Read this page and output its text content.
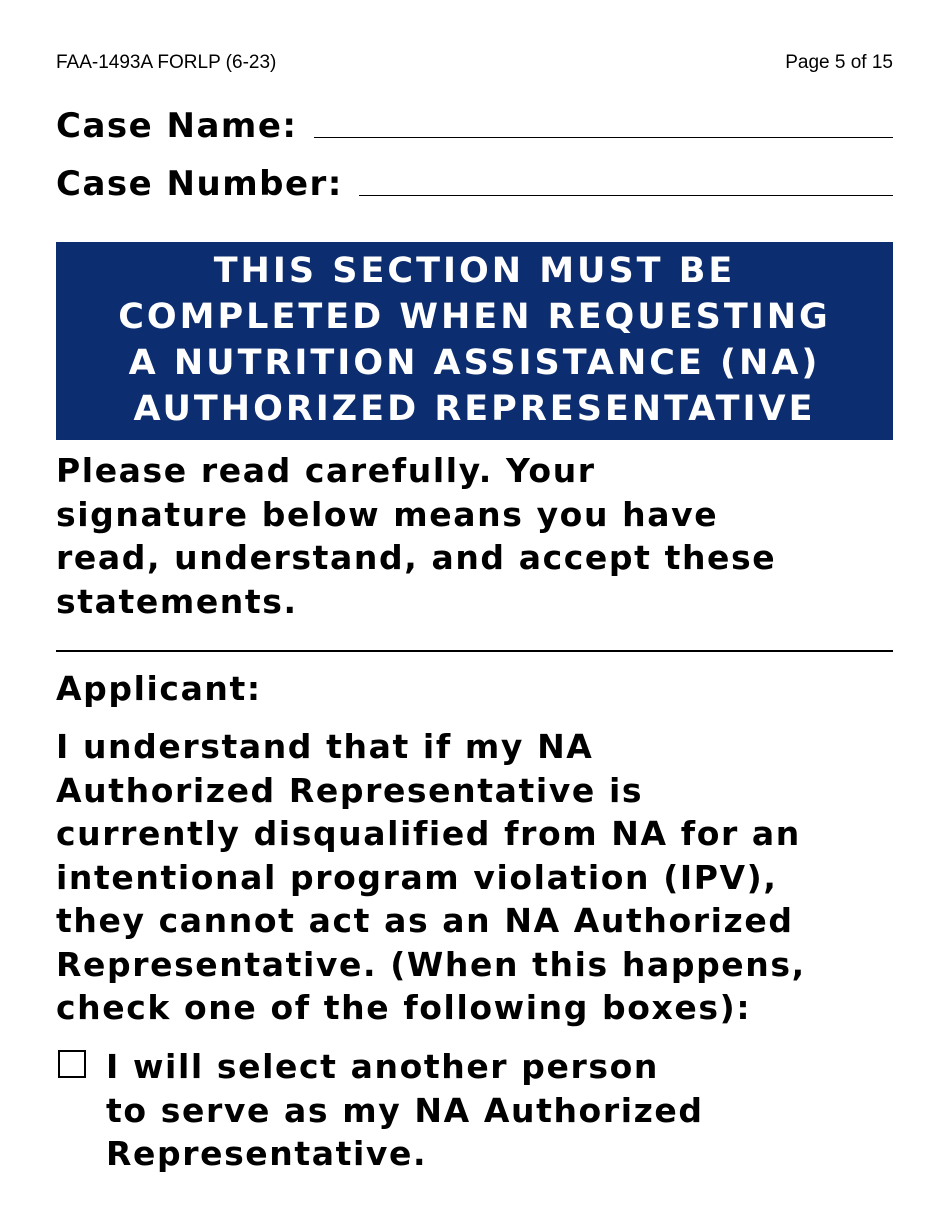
FAA-1493A FORLP (6-23)	Page 5 of 15
Case Name:
Case Number:
THIS SECTION MUST BE
COMPLETED WHEN REQUESTING
A NUTRITION ASSISTANCE (NA)
AUTHORIZED REPRESENTATIVE
Please read carefully. Your
signature below means you have
read, understand, and accept these
statements.
Applicant:
I understand that if my NA
Authorized Representative is
currently disqualified from NA for an
intentional program violation (IPV),
they cannot act as an NA Authorized
Representative. (When this happens,
check one of the following boxes):
I will select another person
to serve as my NA Authorized
Representative.
